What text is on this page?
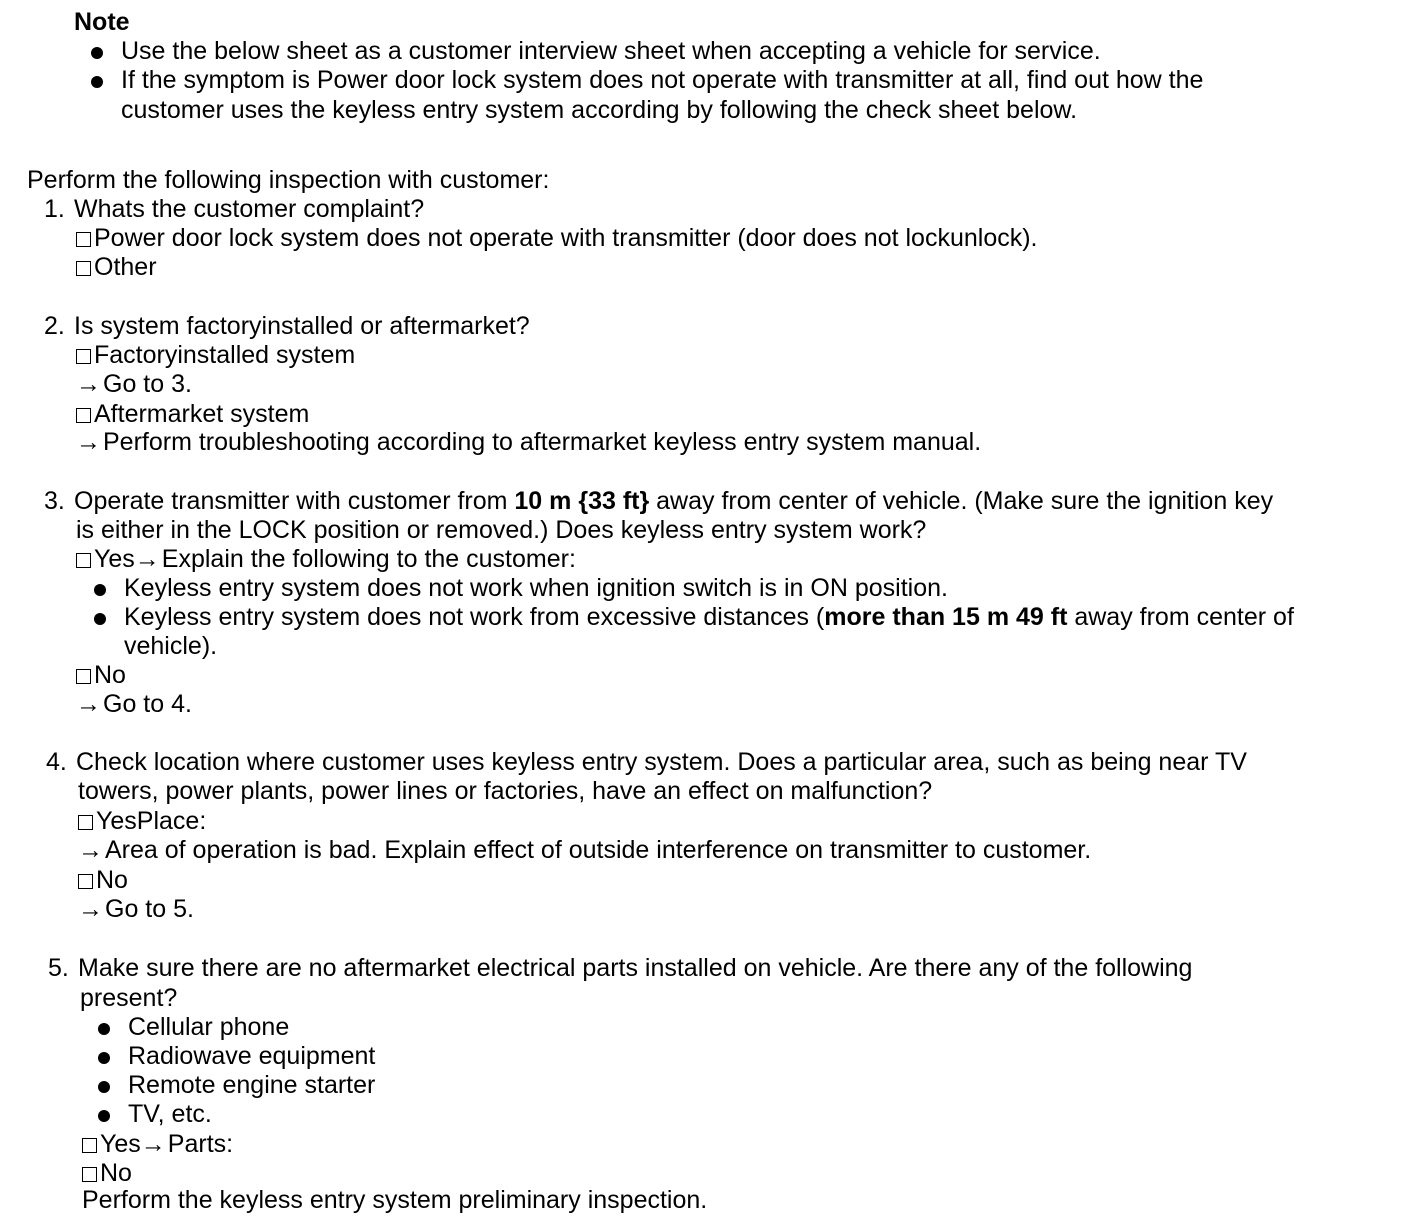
Note
Use the below sheet as a customer interview sheet when accepting a vehicle for service.
If the symptom is Power door lock system does not operate with transmitter at all, find out how the
customer uses the keyless entry system according by following the check sheet below.
Perform the following inspection with customer:
1. Whats the customer complaint?
Power door lock system does not operate with transmitter (door does not lockunlock).
Other
2. Is system factoryinstalled or aftermarket?
Factoryinstalled system
→Go to 3.
Aftermarket system
→Perform troubleshooting according to aftermarket keyless entry system manual.
3. Operate transmitter with customer from 10 m {33 ft} away from center of vehicle. (Make sure the ignition key
is either in the LOCK position or removed.) Does keyless entry system work?
Yes→Explain the following to the customer:
Keyless entry system does not work when ignition switch is in ON position.
Keyless entry system does not work from excessive distances (more than 15 m 49 ft away from center of
vehicle).
No
→Go to 4.
4. Check location where customer uses keyless entry system. Does a particular area, such as being near TV
towers, power plants, power lines or factories, have an effect on malfunction?
YesPlace:
→Area of operation is bad. Explain effect of outside interference on transmitter to customer.
No
→Go to 5.
5. Make sure there are no aftermarket electrical parts installed on vehicle. Are there any of the following
present?
Cellular phone
Radiowave equipment
Remote engine starter
TV, etc.
Yes→Parts:
No
Perform the keyless entry system preliminary inspection.
